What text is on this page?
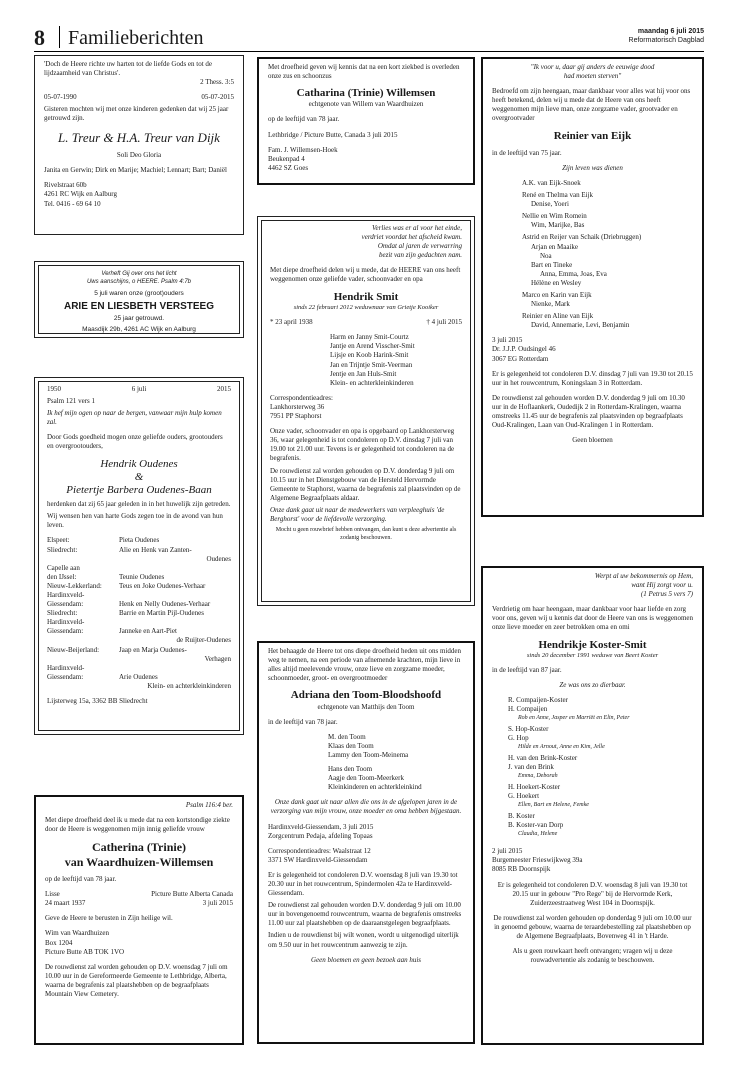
8 Familieberichten	maandag 6 juli 2015
Reformatorisch Dagblad

'Doch de Heere richte uw harten tot de liefde Gods en tot de lijdzaamheid van Christus'.

2 Thess. 3:5

05-07-1990	05-07-2015

Gisteren mochten wij met onze kinderen gedenken dat wij 25 jaar getrouwd zijn.

L. Treur & H.A. Treur van Dijk

Soli Deo Gloria

Janita en Gerwin; Dirk en Marije; Machiel; Lennart; Bart; Daniël

Rivelstraat 60b

4261 RC Wijk en Aalburg

Tel. 0416 - 69 64 10

Verheft Gij over ons het licht

Uws aanschijns, o HEERE. Psalm 4:7b

5 juli waren onze (groot)ouders

ARIE EN LIESBETH VERSTEEG

25 jaar getrouwd.

Maasdijk 29b, 4261 AC Wijk en Aalburg

1950	6 juli	2015

Psalm 121 vers 1

Ik hef mijn ogen op naar de bergen, vanwaar mijn hulp komen zal.

Door Gods goedheid mogen onze geliefde ouders, grootouders en overgrootouders,

Hendrik Oudenes
&
Pietertje Barbera Oudenes-Baan

herdenken dat zij 65 jaar geleden in in het huwelijk zijn getreden.

Wij wensen hen van harte Gods zegen toe in de avond van hun leven.

Elspeet:	Pieta Oudenes
Sliedrecht:	Alie en Henk van Zanten-
Oudenes
Capelle aan
den IJssel:	Teunie Oudenes
Nieuw-Lekkerland:	Teus en Joke Oudenes-Verhaar
Hardinxveld-
Giessendam:	Henk en Nelly Oudenes-Verhaar
Sliedrecht:	Barrie en Martin Pijl-Oudenes
Hardinxveld-
Giessendam:	Janneke en Aart-Piet
de Ruijter-Oudenes
Nieuw-Beijerland:	Jaap en Marja Oudenes-
Verhagen
Hardinxveld-
Giessendam:	Arie Oudenes
Klein- en achterkleinkinderen

Lijsterweg 15a, 3362 BB Sliedrecht

Psalm 116:4 ber.

Met diepe droefheid deel ik u mede dat na een kortstondige ziekte door de Heere is weggenomen mijn innig geliefde vrouw

Catherina (Trinie)
van Waardhuizen-Willemsen

op de leeftijd van 78 jaar.

Lisse	Picture Butte Alberta Canada
24 maart 1937	3 juli 2015

Geve de Heere te berusten in Zijn heilige wil.

Wim van Waardhuizen

Box 1204

Picture Butte AB TOK 1VO

De rouwdienst zal worden gehouden op D.V. woensdag 7 juli om 10.00 uur in de Gereformeerde Gemeente te Lethbridge, Alberta, waarna de begrafenis zal plaatshebben op de begraafplaats Mountain View Cemetery.

Met droefheid geven wij kennis dat na een kort ziekbed is overleden onze zus en schoonzus

Catharina (Trinie) Willemsen

echtgenote van Willem van Waardhuizen

op de leeftijd van 78 jaar.

Lethbridge / Picture Butte, Canada 3 juli 2015

Fam. J. Willemsen-Hoek

Beukenpad 4

4462 SZ Goes

Verlies was er al voor het einde,
verdriet voordat het afscheid kwam.
Omdat al jaren de verwarring
bezit van zijn gedachten nam.

Met diepe droefheid delen wij u mede, dat de HEERE van ons heeft weggenomen onze geliefde vader, schoonvader en opa

Hendrik Smit

sinds 22 februari 2012 weduwnaar van Grietje Kooiker

* 23 april 1938	† 4 juli 2015
Harm en Janny Smit-Courtz
Jantje en Arend Visscher-Smit
Lijsje en Koob Harink-Smit
Jan en Trijntje Smit-Veerman
Jentje en Jan Huls-Smit
Klein- en achterkleinkinderen

Correspondentieadres:

Lankhorsterweg 36

7951 PP Staphorst

Onze vader, schoonvader en opa is opgebaard op Lankhorsterweg 36, waar gelegenheid is tot condoleren op D.V. dinsdag 7 juli van 19.00 tot 21.00 uur. Tevens is er gelegenheid tot condoleren na de begrafenis.

De rouwdienst zal worden gehouden op D.V. donderdag 9 juli om 10.15 uur in het Dienstgebouw van de Hersteld Hervormde Gemeente te Staphorst, waarna de begrafenis zal plaatsvinden op de Algemene Begraafplaats aldaar.

Onze dank gaat uit naar de medewerkers van verpleeghuis 'de Berghorst' voor de liefdevolle verzorging.

Mocht u geen rouwbrief hebben ontvangen, dan kunt u deze advertentie als zodanig beschouwen.

Het behaagde de Heere tot ons diepe droefheid heden uit ons midden weg te nemen, na een periode van afnemende krachten, mijn lieve in alles altijd meelevende vrouw, onze lieve en zorgzame moeder, schoonmoeder, groot- en overgrootmoeder

Adriana den Toom-Bloodshoofd

echtgenote van Matthijs den Toom

in de leeftijd van 78 jaar.

M. den Toom
Klaas den Toom
Lammy den Toom-Meinema
Hans den Toom
Aagje den Toom-Meerkerk
Kleinkinderen en achterkleinkind

Onze dank gaat uit naar allen die ons in de afgelopen jaren in de verzorging van mijn vrouw, onze moeder en oma hebben bijgestaan.

Hardinxveld-Giessendam, 3 juli 2015

Zorgcentrum Pedaja, afdeling Topaas

Correspondentieadres: Waalstraat 12

3371 SW Hardinxveld-Giessendam

Er is gelegenheid tot condoleren D.V. woensdag 8 juli van 19.30 tot 20.30 uur in het rouwcentrum, Spindermolen 42a te Hardinxveld-Giessendam.

De rouwdienst zal gehouden worden D.V. donderdag 9 juli om 10.00 uur in bovengenoemd rouwcentrum, waarna de begrafenis omstreeks 11.00 uur zal plaatshebben op de daaraanstgelegen begraafplaats.

Indien u de rouwdienst bij wilt wonen, wordt u uitgenodigd uiterlijk om 9.50 uur in het rouwcentrum aanwezig te zijn.

Geen bloemen en geen bezoek aan huis

"Ik voor u, daar gij anders de eeuwige dood

had moeten sterven"

Bedroefd om zijn heengaan, maar dankbaar voor alles wat hij voor ons heeft betekend, delen wij u mede dat de Heere van ons heeft weggenomen mijn lieve man, onze zorgzame vader, grootvader en overgrootvader

Reinier van Eijk

in de leeftijd van 75 jaar.

Zijn leven was dienen

A.K. van Eijk-Snoek
René en Thelma van Eijk
Denise, Yoeri
Nellie en Wim Romein
Wim, Marijke, Bas
Astrid en Reijer van Schaik (Driebruggen)
Arjan en Maaike
Noa
Bart en Tineke
Anna, Emma, Joas, Eva
Hélène en Wesley
Marco en Karin van Eijk
Nienke, Mark
Reinier en Aline van Eijk
David, Annemarie, Levi, Benjamin

3 juli 2015

Dr. J.J.P. Oudsingel 46

3067 EG Rotterdam

Er is gelegenheid tot condoleren D.V. dinsdag 7 juli van 19.30 tot 20.15 uur in het rouwcentrum, Koningslaan 3 in Rotterdam.

De rouwdienst zal gehouden worden D.V. donderdag 9 juli om 10.30 uur in de Hoflaankerk, Oudedijk 2 in Rotterdam-Kralingen, waarna omstreeks 11.45 uur de begrafenis zal plaatsvinden op begraafplaats Oud-Kralingen, Laan van Oud-Kralingen 1 in Rotterdam.

Geen bloemen

Werpt al uw bekommernis op Hem,

want Hij zorgt voor u.

(1 Petrus 5 vers 7)

Verdrietig om haar heengaan, maar dankbaar voor haar liefde en zorg voor ons, geven wij u kennis dat door de Heere van ons is weggenomen onze lieve moeder en zeer betrokken oma en omi

Hendrikje Koster-Smit

sinds 20 december 1991 weduwe van Beert Koster

in de leeftijd van 87 jaar.

Ze was ons zo dierbaar.

R. Compaijen-Koster
H. Compaijen
Rob en Anne, Jasper en Marriët en Elin, Peter
S. Hop-Koster
G. Hop
Hilde en Arnout, Anne en Kim, Jelle
H. van den Brink-Koster
J. van den Brink
Emma, Deborah
H. Hoekert-Koster
G. Hoekert
Ellen, Bart en Helene, Femke
B. Koster
B. Koster-van Dorp
Claudia, Helene

2 juli 2015

Burgemeester Frieswijkweg 39a

8085 RB Doornspijk

Er is gelegenheid tot condoleren D.V. woensdag 8 juli van 19.30 tot 20.15 uur in gebouw "Pro Rege" bij de Hervormde Kerk, Zuiderzeestraatweg West 104 in Doornspijk.

De rouwdienst zal worden gehouden op donderdag 9 juli om 10.00 uur in genoemd gebouw, waarna de teraardebestelling zal plaatshebben op de Algemene Begraafplaats, Bovenweg 41 in 't Harde.

Als u geen rouwkaart heeft ontvangen; vragen wij u deze rouwadvertentie als zodanig te beschouwen.
